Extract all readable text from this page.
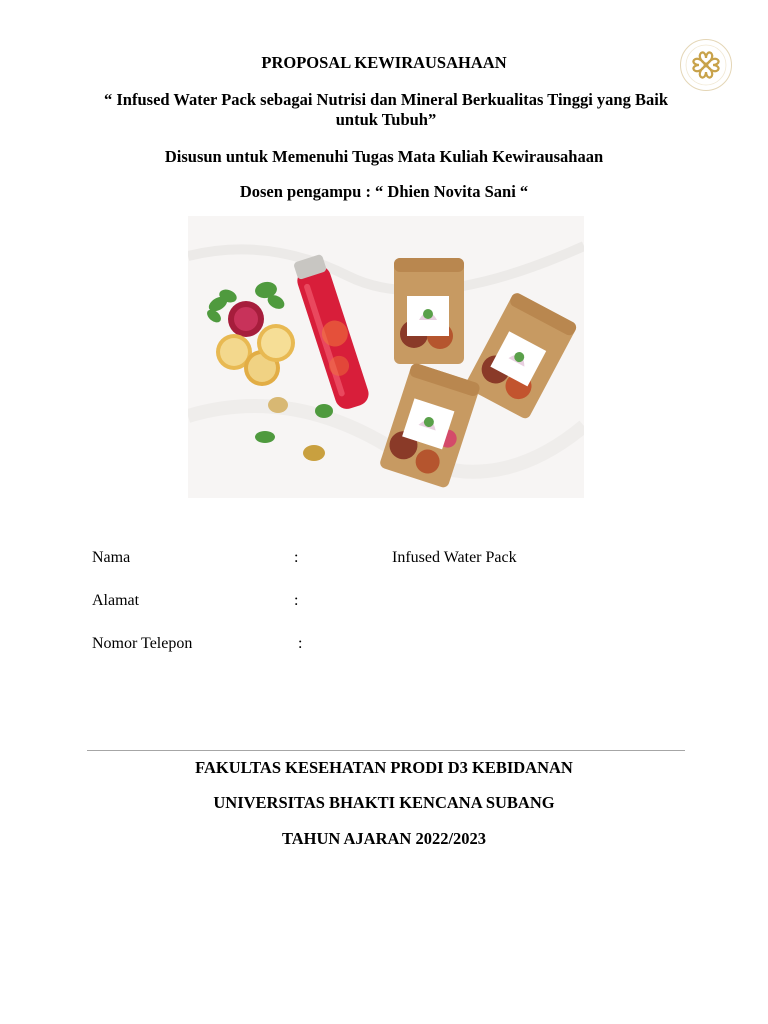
PROPOSAL KEWIRAUSAHAAN
“ Infused Water Pack sebagai Nutrisi dan Mineral Berkualitas Tinggi yang Baik untuk Tubuh”
Disusun untuk Memenuhi Tugas Mata Kuliah Kewirausahaan
Dosen pengampu : “ Dhien Novita Sani “
Nama	:	Infused Water Pack
Alamat	:
Nomor Telepon	:
FAKULTAS KESEHATAN PRODI D3 KEBIDANAN
UNIVERSITAS BHAKTI KENCANA SUBANG
TAHUN AJARAN 2022/2023
